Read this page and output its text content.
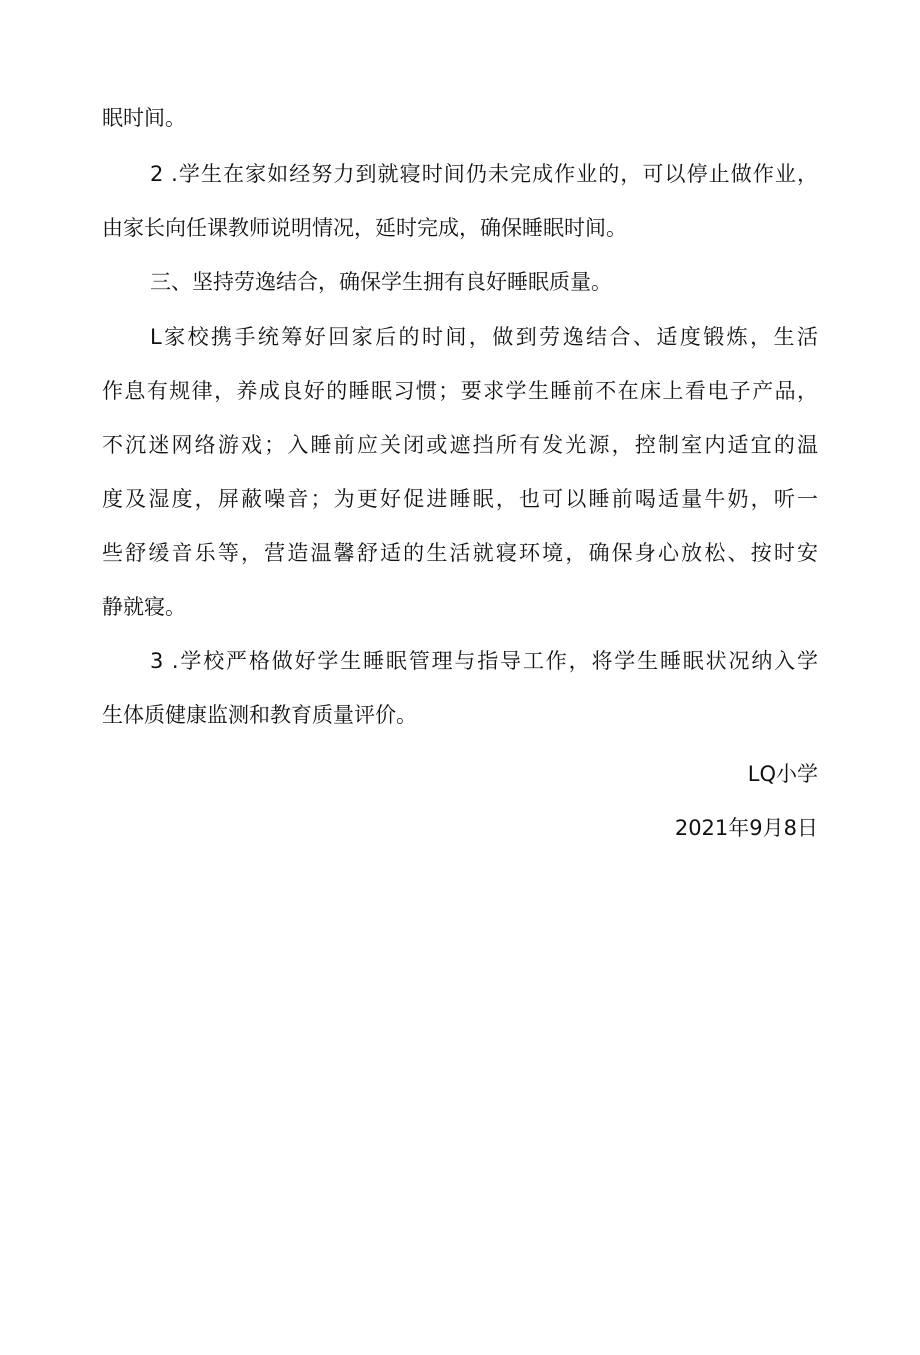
眠时间。
2 .学生在家如经努力到就寝时间仍未完成作业的，可以停止做作业，
由家长向任课教师说明情况，延时完成，确保睡眠时间。
三、坚持劳逸结合，确保学生拥有良好睡眠质量。
L家校携手统筹好回家后的时间，做到劳逸结合、适度锻炼，生活
作息有规律，养成良好的睡眠习惯；要求学生睡前不在床上看电子产品，
不沉迷网络游戏；入睡前应关闭或遮挡所有发光源，控制室内适宜的温
度及湿度，屏蔽噪音；为更好促进睡眠，也可以睡前喝适量牛奶，听一
些舒缓音乐等，营造温馨舒适的生活就寝环境，确保身心放松、按时安
静就寝。
3 .学校严格做好学生睡眠管理与指导工作，将学生睡眠状况纳入学
生体质健康监测和教育质量评价。
LQ小学
2021年9月8日
